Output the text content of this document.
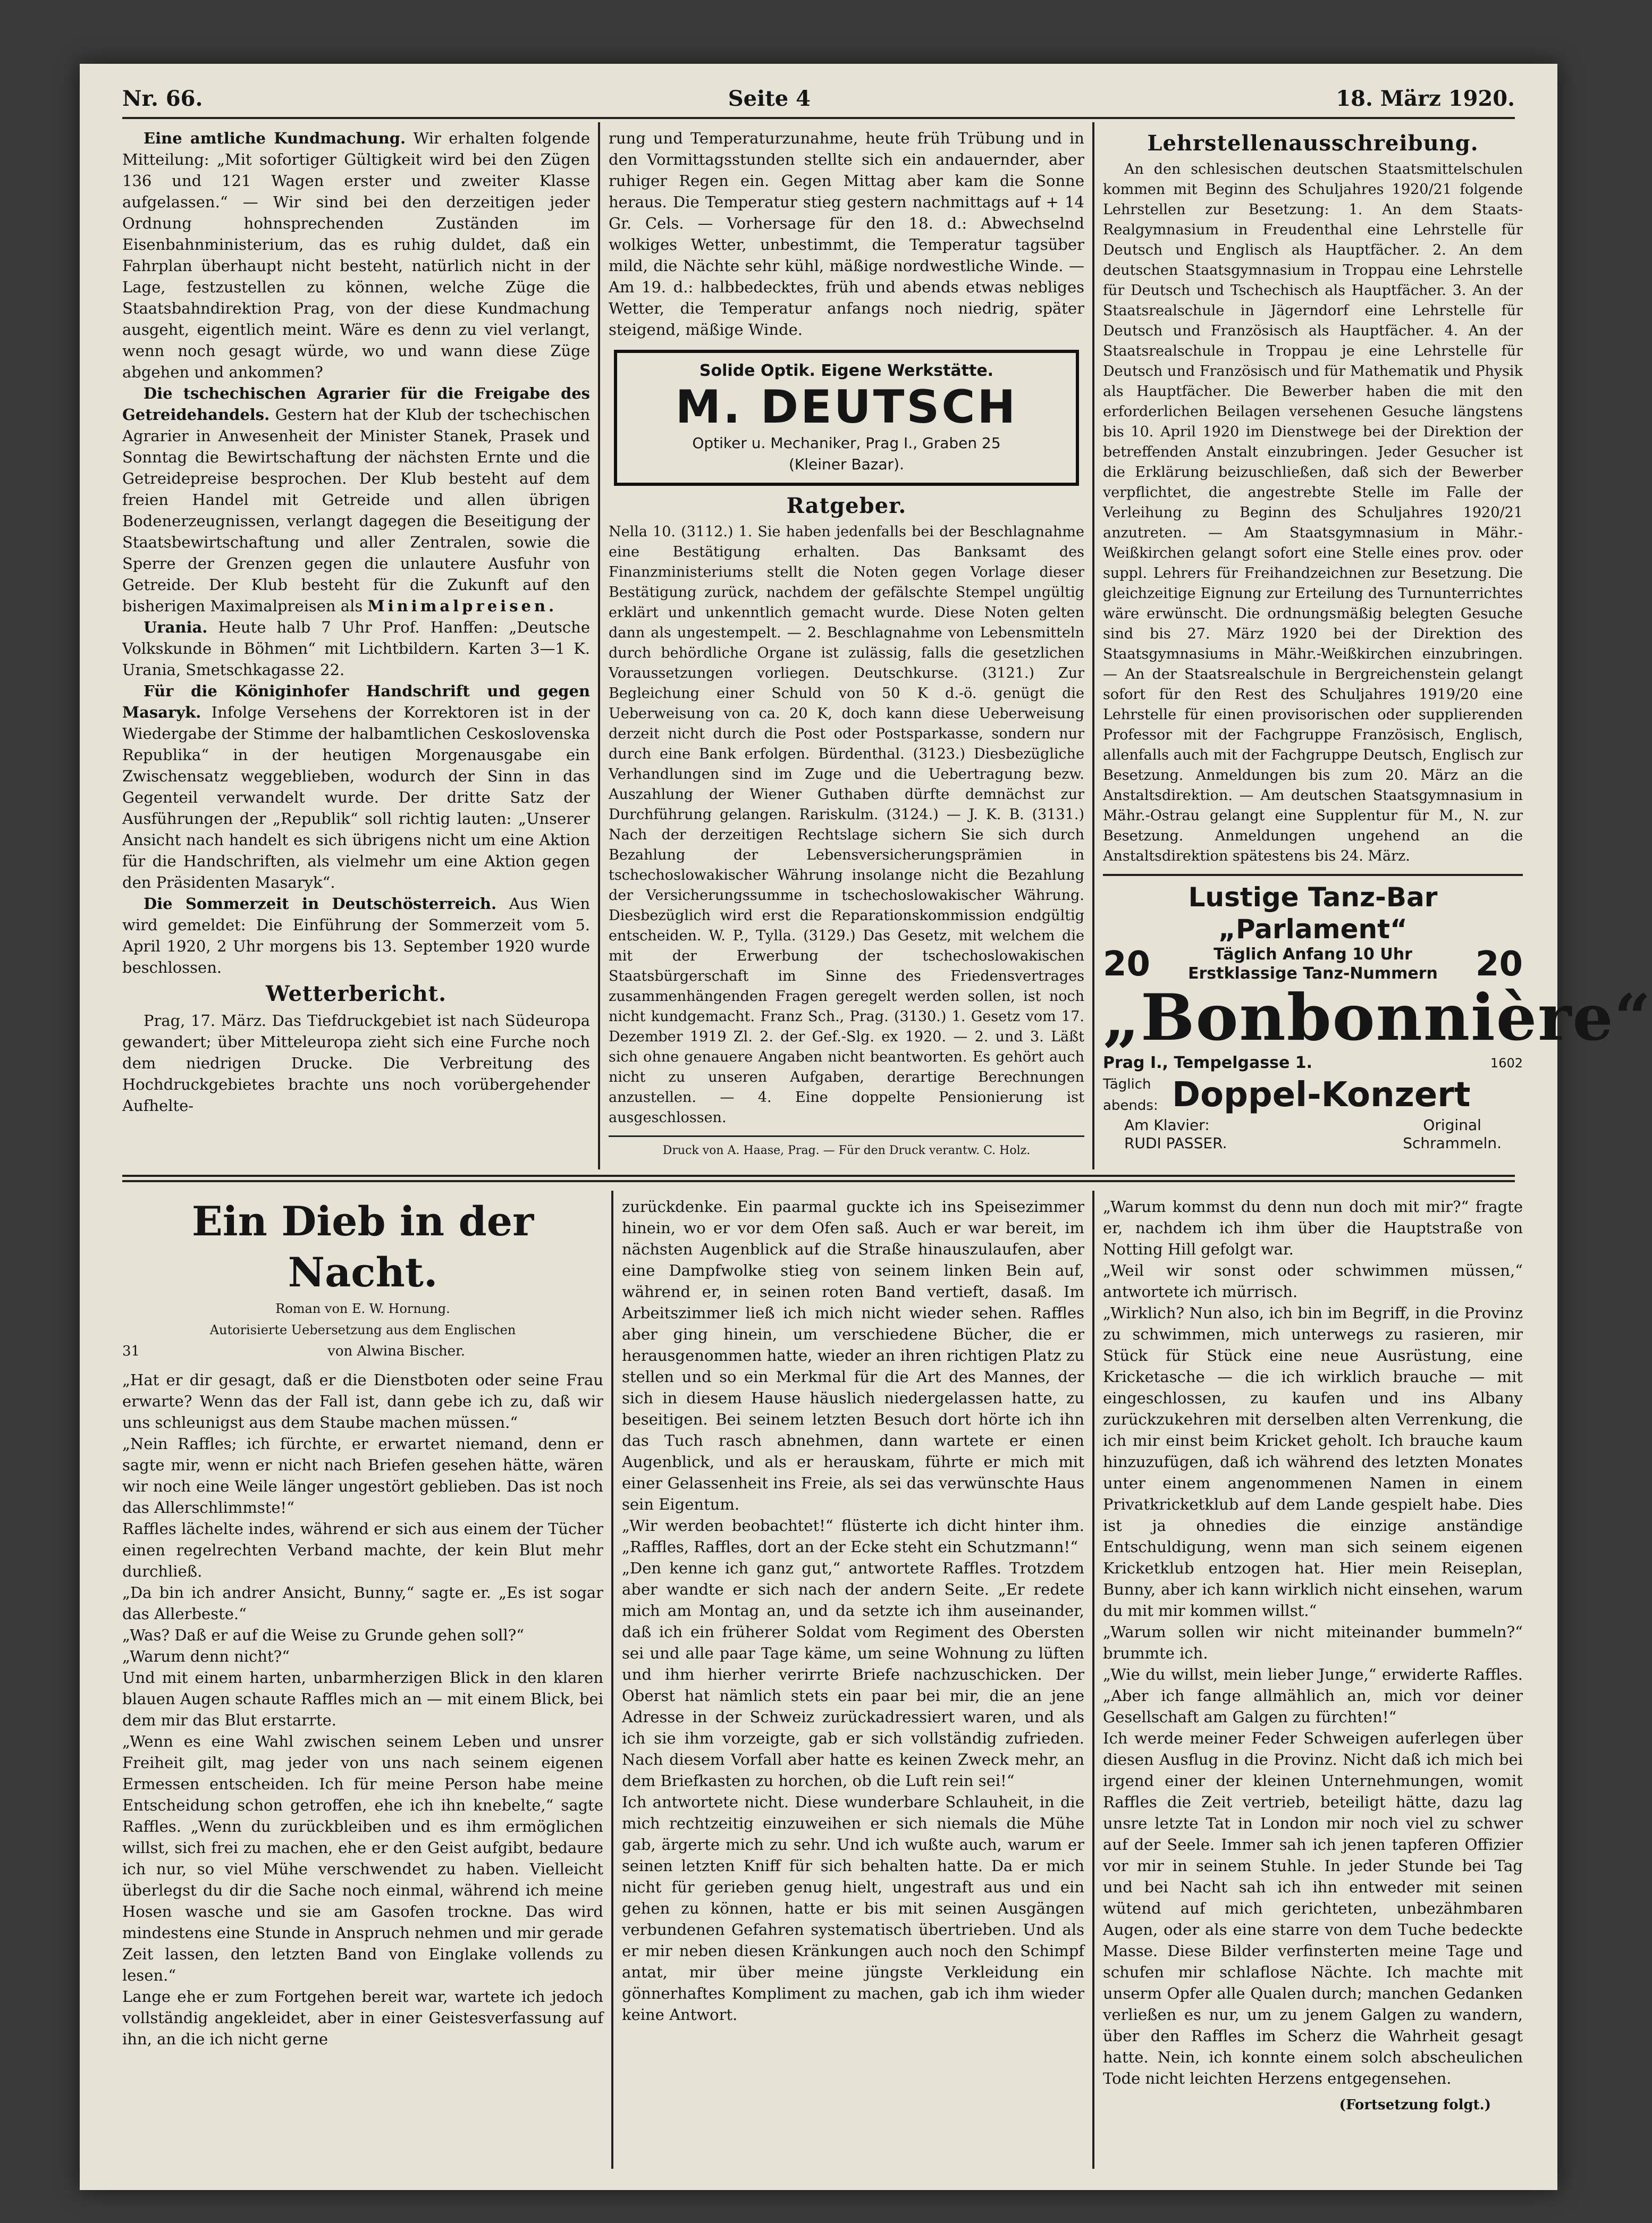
Nr. 66.	Seite 4	18. März 1920.

Eine amtliche Kundmachung. Wir erhalten folgende Mitteilung: „Mit sofortiger Gültigkeit wird bei den Zügen 136 und 121 Wagen erster und zweiter Klasse aufgelassen.“ — Wir sind bei den derzeitigen jeder Ordnung hohnsprechenden Zuständen im Eisenbahnministerium, das es ruhig duldet, daß ein Fahrplan überhaupt nicht besteht, natürlich nicht in der Lage, festzustellen zu können, welche Züge die Staatsbahndirektion Prag, von der diese Kundmachung ausgeht, eigentlich meint. Wäre es denn zu viel verlangt, wenn noch gesagt würde, wo und wann diese Züge abgehen und ankommen?

Die tschechischen Agrarier für die Freigabe des Getreidehandels. Gestern hat der Klub der tschechischen Agrarier in Anwesenheit der Minister Stanek, Prasek und Sonntag die Bewirtschaftung der nächsten Ernte und die Getreidepreise besprochen. Der Klub besteht auf dem freien Handel mit Getreide und allen übrigen Bodenerzeugnissen, verlangt dagegen die Beseitigung der Staatsbewirtschaftung und aller Zentralen, sowie die Sperre der Grenzen gegen die unlautere Ausfuhr von Getreide. Der Klub besteht für die Zukunft auf den bisherigen Maximalpreisen als Minimalpreisen.

Urania. Heute halb 7 Uhr Prof. Hanffen: „Deutsche Volkskunde in Böhmen“ mit Lichtbildern. Karten 3—1 K. Urania, Smetschkagasse 22.

Für die Königinhofer Handschrift und gegen Masaryk. Infolge Versehens der Korrektoren ist in der Wiedergabe der Stimme der halbamtlichen Ceskoslovenska Republika“ in der heutigen Morgenausgabe ein Zwischensatz weggeblieben, wodurch der Sinn in das Gegenteil verwandelt wurde. Der dritte Satz der Ausführungen der „Republik“ soll richtig lauten: „Unserer Ansicht nach handelt es sich übrigens nicht um eine Aktion für die Handschriften, als vielmehr um eine Aktion gegen den Präsidenten Masaryk“.

Die Sommerzeit in Deutschösterreich. Aus Wien wird gemeldet: Die Einführung der Sommerzeit vom 5. April 1920, 2 Uhr morgens bis 13. September 1920 wurde beschlossen.

Wetterbericht.

Prag, 17. März. Das Tiefdruckgebiet ist nach Südeuropa gewandert; über Mitteleuropa zieht sich eine Furche noch dem niedrigen Drucke. Die Verbreitung des Hochdruckgebietes brachte uns noch vorübergehender Aufhelte-

rung und Temperaturzunahme, heute früh Trübung und in den Vormittagsstunden stellte sich ein andauernder, aber ruhiger Regen ein. Gegen Mittag aber kam die Sonne heraus. Die Temperatur stieg gestern nachmittags auf + 14 Gr. Cels. — Vorhersage für den 18. d.: Abwechselnd wolkiges Wetter, unbestimmt, die Temperatur tagsüber mild, die Nächte sehr kühl, mäßige nordwestliche Winde. — Am 19. d.: halbbedecktes, früh und abends etwas nebliges Wetter, die Temperatur anfangs noch niedrig, später steigend, mäßige Winde.

Solide Optik. Eigene Werkstätte.
M. DEUTSCH
Optiker u. Mechaniker, Prag I., Graben 25
(Kleiner Bazar).
Ratgeber.

Nella 10. (3112.) 1. Sie haben jedenfalls bei der Beschlagnahme eine Bestätigung erhalten. Das Banksamt des Finanzministeriums stellt die Noten gegen Vorlage dieser Bestätigung zurück, nachdem der gefälschte Stempel ungültig erklärt und unkenntlich gemacht wurde. Diese Noten gelten dann als ungestempelt. — 2. Beschlagnahme von Lebensmitteln durch behördliche Organe ist zulässig, falls die gesetzlichen Voraussetzungen vorliegen. Deutschkurse. (3121.) Zur Begleichung einer Schuld von 50 K d.-ö. genügt die Ueberweisung von ca. 20 K, doch kann diese Ueberweisung derzeit nicht durch die Post oder Postsparkasse, sondern nur durch eine Bank erfolgen. Bürdenthal. (3123.) Diesbezügliche Verhandlungen sind im Zuge und die Uebertragung bezw. Auszahlung der Wiener Guthaben dürfte demnächst zur Durchführung gelangen. Rariskulm. (3124.) — J. K. B. (3131.) Nach der derzeitigen Rechtslage sichern Sie sich durch Bezahlung der Lebensversicherungsprämien in tschechoslowakischer Währung insolange nicht die Bezahlung der Versicherungssumme in tschechoslowakischer Währung. Diesbezüglich wird erst die Reparationskommission endgültig entscheiden. W. P., Tylla. (3129.) Das Gesetz, mit welchem die mit der Erwerbung der tschechoslowakischen Staatsbürgerschaft im Sinne des Friedensvertrages zusammenhängenden Fragen geregelt werden sollen, ist noch nicht kundgemacht. Franz Sch., Prag. (3130.) 1. Gesetz vom 17. Dezember 1919 Zl. 2. der Gef.-Slg. ex 1920. — 2. und 3. Läßt sich ohne genauere Angaben nicht beantworten. Es gehört auch nicht zu unseren Aufgaben, derartige Berechnungen anzustellen. — 4. Eine doppelte Pensionierung ist ausgeschlossen.

Druck von A. Haase, Prag. — Für den Druck verantw. C. Holz.
Lehrstellenausschreibung.

An den schlesischen deutschen Staatsmittelschulen kommen mit Beginn des Schuljahres 1920/21 folgende Lehrstellen zur Besetzung: 1. An dem Staats-Realgymnasium in Freudenthal eine Lehrstelle für Deutsch und Englisch als Hauptfächer. 2. An dem deutschen Staatsgymnasium in Troppau eine Lehrstelle für Deutsch und Tschechisch als Hauptfächer. 3. An der Staatsrealschule in Jägerndorf eine Lehrstelle für Deutsch und Französisch als Hauptfächer. 4. An der Staatsrealschule in Troppau je eine Lehrstelle für Deutsch und Französisch und für Mathematik und Physik als Hauptfächer. Die Bewerber haben die mit den erforderlichen Beilagen versehenen Gesuche längstens bis 10. April 1920 im Dienstwege bei der Direktion der betreffenden Anstalt einzubringen. Jeder Gesucher ist die Erklärung beizuschließen, daß sich der Bewerber verpflichtet, die angestrebte Stelle im Falle der Verleihung zu Beginn des Schuljahres 1920/21 anzutreten. — Am Staatsgymnasium in Mähr.-Weißkirchen gelangt sofort eine Stelle eines prov. oder suppl. Lehrers für Freihandzeichnen zur Besetzung. Die gleichzeitige Eignung zur Erteilung des Turnunterrichtes wäre erwünscht. Die ordnungsmäßig belegten Gesuche sind bis 27. März 1920 bei der Direktion des Staatsgymnasiums in Mähr.-Weißkirchen einzubringen. — An der Staatsrealschule in Bergreichenstein gelangt sofort für den Rest des Schuljahres 1919/20 eine Lehrstelle für einen provisorischen oder supplierenden Professor mit der Fachgruppe Französisch, Englisch, allenfalls auch mit der Fachgruppe Deutsch, Englisch zur Besetzung. Anmeldungen bis zum 20. März an die Anstaltsdirektion. — Am deutschen Staatsgymnasium in Mähr.-Ostrau gelangt eine Supplentur für M., N. zur Besetzung. Anmeldungen ungehend an die Anstaltsdirektion spätestens bis 24. März.

Lustige Tanz-Bar „Parlament“
20	Täglich Anfang 10 Uhr
Erstklassige Tanz-Nummern 20
„Bonbonnière“
Prag I., Tempelgasse 1.	1602
Täglich abends: Doppel-Konzert
Am Klavier:
RUDI PASSER.
Original
Schrammeln.
Ein Dieb in der Nacht.
Roman von E. W. Hornung.
Autorisierte Uebersetzung aus dem Englischen
31	von Alwina Bischer.
„Hat er dir gesagt, daß er die Dienstboten oder seine Frau erwarte? Wenn das der Fall ist, dann gebe ich zu, daß wir uns schleunigst aus dem Staube machen müssen.“
„Nein Raffles; ich fürchte, er erwartet niemand, denn er sagte mir, wenn er nicht nach Briefen gesehen hätte, wären wir noch eine Weile länger ungestört geblieben. Das ist noch das Allerschlimmste!“
Raffles lächelte indes, während er sich aus einem der Tücher einen regelrechten Verband machte, der kein Blut mehr durchließ.
„Da bin ich andrer Ansicht, Bunny,“ sagte er. „Es ist sogar das Allerbeste.“
„Was? Daß er auf die Weise zu Grunde gehen soll?“
„Warum denn nicht?“
Und mit einem harten, unbarmherzigen Blick in den klaren blauen Augen schaute Raffles mich an — mit einem Blick, bei dem mir das Blut erstarrte.
„Wenn es eine Wahl zwischen seinem Leben und unsrer Freiheit gilt, mag jeder von uns nach seinem eigenen Ermessen entscheiden. Ich für meine Person habe meine Entscheidung schon getroffen, ehe ich ihn knebelte,“ sagte Raffles. „Wenn du zurückbleiben und es ihm ermöglichen willst, sich frei zu machen, ehe er den Geist aufgibt, bedaure ich nur, so viel Mühe verschwendet zu haben. Vielleicht überlegst du dir die Sache noch einmal, während ich meine Hosen wasche und sie am Gasofen trockne. Das wird mindestens eine Stunde in Anspruch nehmen und mir gerade Zeit lassen, den letzten Band von Einglake vollends zu lesen.“
Lange ehe er zum Fortgehen bereit war, wartete ich jedoch vollständig angekleidet, aber in einer Geistesverfassung auf ihn, an die ich nicht gerne
zurückdenke. Ein paarmal guckte ich ins Speisezimmer hinein, wo er vor dem Ofen saß. Auch er war bereit, im nächsten Augenblick auf die Straße hinauszulaufen, aber eine Dampfwolke stieg von seinem linken Bein auf, während er, in seinen roten Band vertieft, dasaß. Im Arbeitszimmer ließ ich mich nicht wieder sehen. Raffles aber ging hinein, um verschiedene Bücher, die er herausgenommen hatte, wieder an ihren richtigen Platz zu stellen und so ein Merkmal für die Art des Mannes, der sich in diesem Hause häuslich niedergelassen hatte, zu beseitigen. Bei seinem letzten Besuch dort hörte ich ihn das Tuch rasch abnehmen, dann wartete er einen Augenblick, und als er herauskam, führte er mich mit einer Gelassenheit ins Freie, als sei das verwünschte Haus sein Eigentum.
„Wir werden beobachtet!“ flüsterte ich dicht hinter ihm. „Raffles, Raffles, dort an der Ecke steht ein Schutzmann!“
„Den kenne ich ganz gut,“ antwortete Raffles. Trotzdem aber wandte er sich nach der andern Seite. „Er redete mich am Montag an, und da setzte ich ihm auseinander, daß ich ein früherer Soldat vom Regiment des Obersten sei und alle paar Tage käme, um seine Wohnung zu lüften und ihm hierher verirrte Briefe nachzuschicken. Der Oberst hat nämlich stets ein paar bei mir, die an jene Adresse in der Schweiz zurückadressiert waren, und als ich sie ihm vorzeigte, gab er sich vollständig zufrieden. Nach diesem Vorfall aber hatte es keinen Zweck mehr, an dem Briefkasten zu horchen, ob die Luft rein sei!“
Ich antwortete nicht. Diese wunderbare Schlauheit, in die mich rechtzeitig einzuweihen er sich niemals die Mühe gab, ärgerte mich zu sehr. Und ich wußte auch, warum er seinen letzten Kniff für sich behalten hatte. Da er mich nicht für gerieben genug hielt, ungestraft aus und ein gehen zu können, hatte er bis mit seinen Ausgängen verbundenen Gefahren systematisch übertrieben. Und als er mir neben diesen Kränkungen auch noch den Schimpf antat, mir über meine jüngste Verkleidung ein gönnerhaftes Kompliment zu machen, gab ich ihm wieder keine Antwort.
„Warum kommst du denn nun doch mit mir?“ fragte er, nachdem ich ihm über die Hauptstraße von Notting Hill gefolgt war.
„Weil wir sonst oder schwimmen müssen,“ antwortete ich mürrisch.
„Wirklich? Nun also, ich bin im Begriff, in die Provinz zu schwimmen, mich unterwegs zu rasieren, mir Stück für Stück eine neue Ausrüstung, eine Kricketasche — die ich wirklich brauche — mit eingeschlossen, zu kaufen und ins Albany zurückzukehren mit derselben alten Verrenkung, die ich mir einst beim Kricket geholt. Ich brauche kaum hinzuzufügen, daß ich während des letzten Monates unter einem angenommenen Namen in einem Privatkricketklub auf dem Lande gespielt habe. Dies ist ja ohnedies die einzige anständige Entschuldigung, wenn man sich seinem eigenen Kricketklub entzogen hat. Hier mein Reiseplan, Bunny, aber ich kann wirklich nicht einsehen, warum du mit mir kommen willst.“
„Warum sollen wir nicht miteinander bummeln?“ brummte ich.
„Wie du willst, mein lieber Junge,“ erwiderte Raffles. „Aber ich fange allmählich an, mich vor deiner Gesellschaft am Galgen zu fürchten!“
Ich werde meiner Feder Schweigen auferlegen über diesen Ausflug in die Provinz. Nicht daß ich mich bei irgend einer der kleinen Unternehmungen, womit Raffles die Zeit vertrieb, beteiligt hätte, dazu lag unsre letzte Tat in London mir noch viel zu schwer auf der Seele. Immer sah ich jenen tapferen Offizier vor mir in seinem Stuhle. In jeder Stunde bei Tag und bei Nacht sah ich ihn entweder mit seinen wütend auf mich gerichteten, unbezähmbaren Augen, oder als eine starre von dem Tuche bedeckte Masse. Diese Bilder verfinsterten meine Tage und schufen mir schlaflose Nächte. Ich machte mit unserm Opfer alle Qualen durch; manchen Gedanken verließen es nur, um zu jenem Galgen zu wandern, über den Raffles im Scherz die Wahrheit gesagt hatte. Nein, ich konnte einem solch abscheulichen Tode nicht leichten Herzens entgegensehen.
(Fortsetzung folgt.)
